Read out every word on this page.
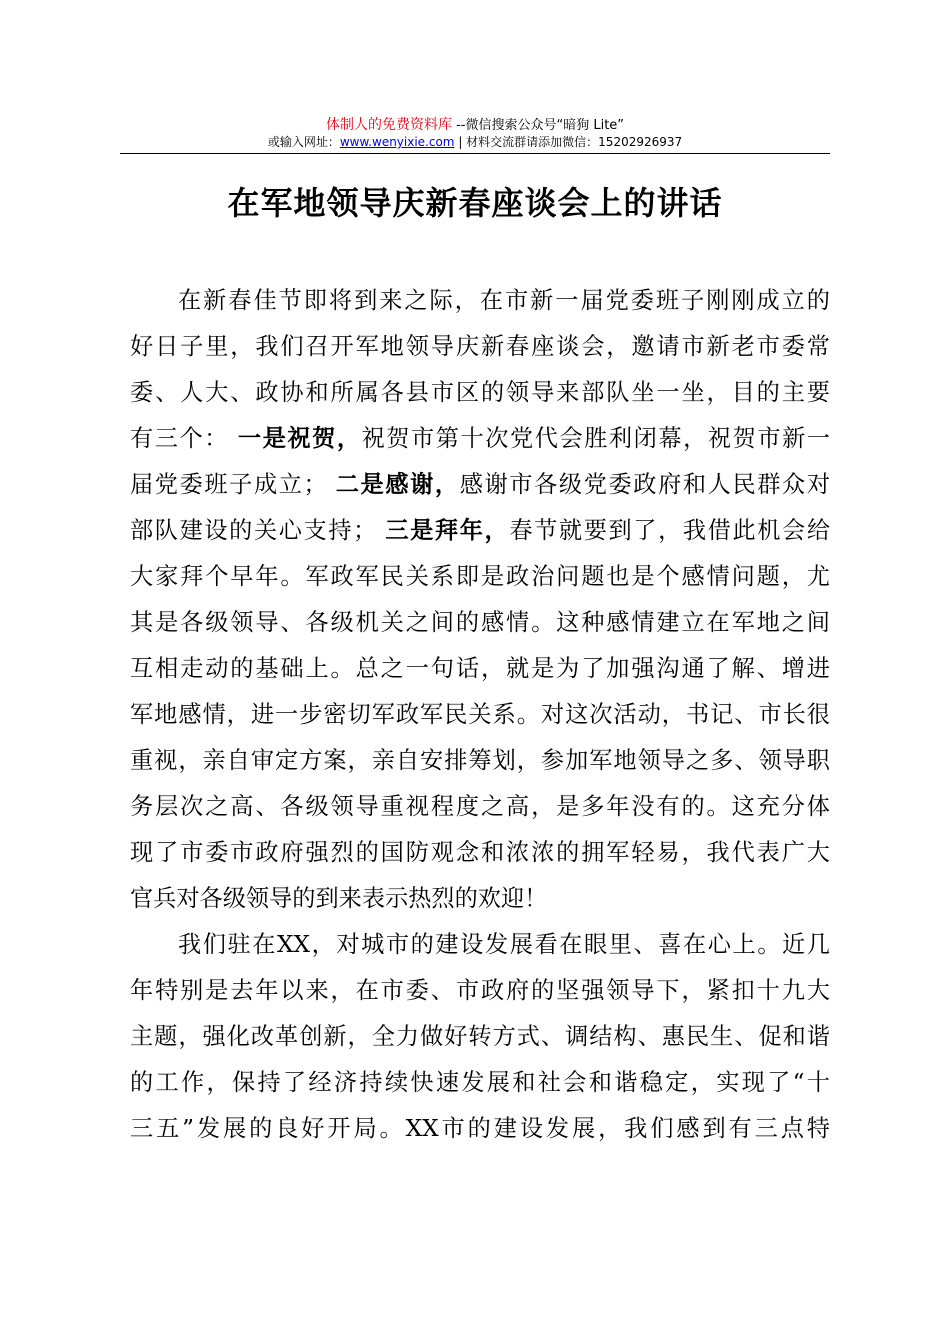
体制人的免费资料库 --微信搜索公众号“暗狗 Lite”
或输入网址：www.wenyixie.com | 材料交流群请添加微信：15202926937
在军地领导庆新春座谈会上的讲话
在新春佳节即将到来之际，在市新一届党委班子刚刚成立的
好日子里，我们召开军地领导庆新春座谈会，邀请市新老市委常
委、人大、政协和所属各县市区的领导来部队坐一坐，目的主要
有三个： 一是祝贺，祝贺市第十次党代会胜利闭幕，祝贺市新一
届党委班子成立； 二是感谢，感谢市各级党委政府和人民群众对
部队建设的关心支持； 三是拜年，春节就要到了，我借此机会给
大家拜个早年。军政军民关系即是政治问题也是个感情问题，尤
其是各级领导、各级机关之间的感情。这种感情建立在军地之间
互相走动的基础上。总之一句话，就是为了加强沟通了解、增进
军地感情，进一步密切军政军民关系。对这次活动，书记、市长很
重视，亲自审定方案，亲自安排筹划，参加军地领导之多、领导职
务层次之高、各级领导重视程度之高，是多年没有的。这充分体
现了市委市政府强烈的国防观念和浓浓的拥军轻易，我代表广大
官兵对各级领导的到来表示热烈的欢迎！
我们驻在XX，对城市的建设发展看在眼里、喜在心上。近几
年特别是去年以来，在市委、市政府的坚强领导下，紧扣十九大
主题，强化改革创新，全力做好转方式、调结构、惠民生、促和谐
的工作，保持了经济持续快速发展和社会和谐稳定，实现了“十
三五”发展的良好开局。XX市的建设发展，我们感到有三点特
